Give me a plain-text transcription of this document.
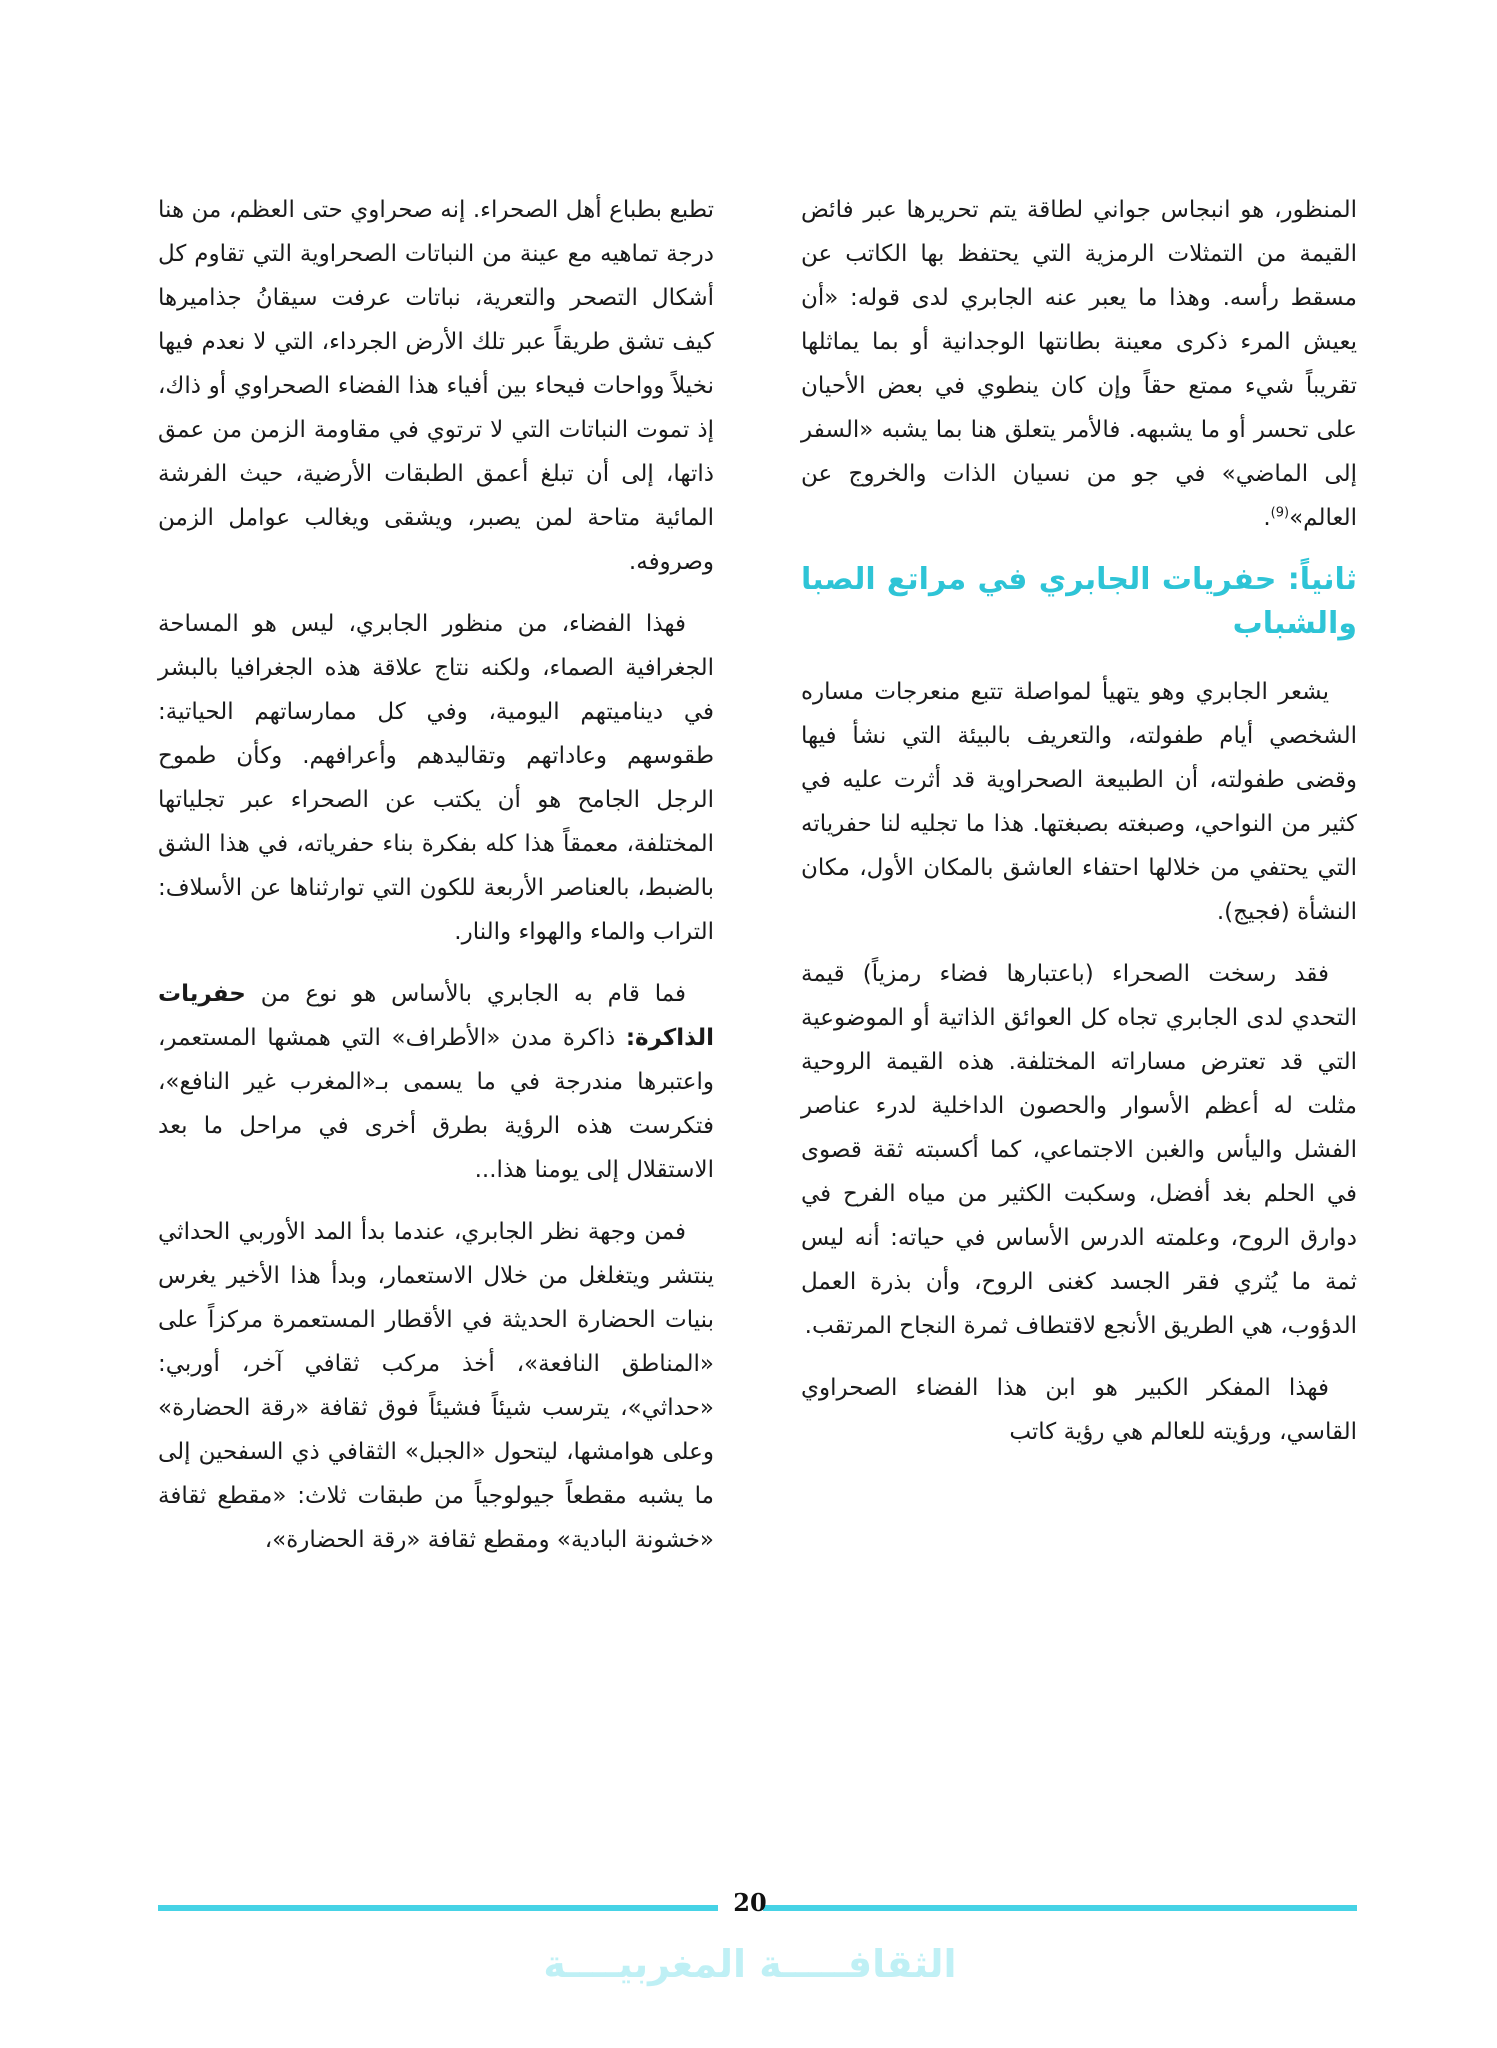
المنظور، هو انبجاس جواني لطاقة يتم تحريرها عبر فائض القيمة من التمثلات الرمزية التي يحتفظ بها الكاتب عن مسقط رأسه. وهذا ما يعبر عنه الجابري لدى قوله: «أن يعيش المرء ذكرى معينة بطانتها الوجدانية أو بما يماثلها تقريباً شيء ممتع حقاً وإن كان ينطوي في بعض الأحيان على تحسر أو ما يشبهه. فالأمر يتعلق هنا بما يشبه «السفر إلى الماضي» في جو من نسيان الذات والخروج عن العالم»$^{(9)}$.

ثانياً: حفريات الجابري في مراتع الصبا والشباب

يشعر الجابري وهو يتهيأ لمواصلة تتبع منعرجات مساره الشخصي أيام طفولته، والتعريف بالبيئة التي نشأ فيها وقضى طفولته، أن الطبيعة الصحراوية قد أثرت عليه في كثير من النواحي، وصبغته بصبغتها. هذا ما تجليه لنا حفرياته التي يحتفي من خلالها احتفاء العاشق بالمكان الأول، مكان النشأة (فجيج).

فقد رسخت الصحراء (باعتبارها فضاء رمزياً) قيمة التحدي لدى الجابري تجاه كل العوائق الذاتية أو الموضوعية التي قد تعترض مساراته المختلفة. هذه القيمة الروحية مثلت له أعظم الأسوار والحصون الداخلية لدرء عناصر الفشل واليأس والغبن الاجتماعي، كما أكسبته ثقة قصوى في الحلم بغد أفضل، وسكبت الكثير من مياه الفرح في دوارق الروح، وعلمته الدرس الأساس في حياته: أنه ليس ثمة ما يُثري فقر الجسد كغنى الروح، وأن بذرة العمل الدؤوب، هي الطريق الأنجع لاقتطاف ثمرة النجاح المرتقب.

فهذا المفكر الكبير هو ابن هذا الفضاء الصحراوي القاسي، ورؤيته للعالم هي رؤية كاتب

تطبع بطباع أهل الصحراء. إنه صحراوي حتى العظم، من هنا درجة تماهيه مع عينة من النباتات الصحراوية التي تقاوم كل أشكال التصحر والتعرية، نباتات عرفت سيقانُ جذاميرها كيف تشق طريقاً عبر تلك الأرض الجرداء، التي لا نعدم فيها نخيلاً وواحات فيحاء بين أفياء هذا الفضاء الصحراوي أو ذاك، إذ تموت النباتات التي لا ترتوي في مقاومة الزمن من عمق ذاتها، إلى أن تبلغ أعمق الطبقات الأرضية، حيث الفرشة المائية متاحة لمن يصبر، ويشقى ويغالب عوامل الزمن وصروفه.

فهذا الفضاء، من منظور الجابري، ليس هو المساحة الجغرافية الصماء، ولكنه نتاج علاقة هذه الجغرافيا بالبشر في ديناميتهم اليومية، وفي كل ممارساتهم الحياتية: طقوسهم وعاداتهم وتقاليدهم وأعرافهم. وكأن طموح الرجل الجامح هو أن يكتب عن الصحراء عبر تجلياتها المختلفة، معمقاً هذا كله بفكرة بناء حفرياته، في هذا الشق بالضبط، بالعناصر الأربعة للكون التي توارثناها عن الأسلاف: التراب والماء والهواء والنار.

فما قام به الجابري بالأساس هو نوع من حفريات الذاكرة: ذاكرة مدن «الأطراف» التي همشها المستعمر، واعتبرها مندرجة في ما يسمى بـ«المغرب غير النافع»، فتكرست هذه الرؤية بطرق أخرى في مراحل ما بعد الاستقلال إلى يومنا هذا...

فمن وجهة نظر الجابري، عندما بدأ المد الأوربي الحداثي ينتشر ويتغلغل من خلال الاستعمار، وبدأ هذا الأخير يغرس بنيات الحضارة الحديثة في الأقطار المستعمرة مركزاً على «المناطق النافعة»، أخذ مركب ثقافي آخر، أوربي: «حداثي»، يترسب شيئاً فشيئاً فوق ثقافة «رقة الحضارة» وعلى هوامشها، ليتحول «الجبل» الثقافي ذي السفحين إلى ما يشبه مقطعاً جيولوجياً من طبقات ثلاث: «مقطع ثقافة «خشونة البادية» ومقطع ثقافة «رقة الحضارة»،

20
الثقافـــــة المغربيــــة
